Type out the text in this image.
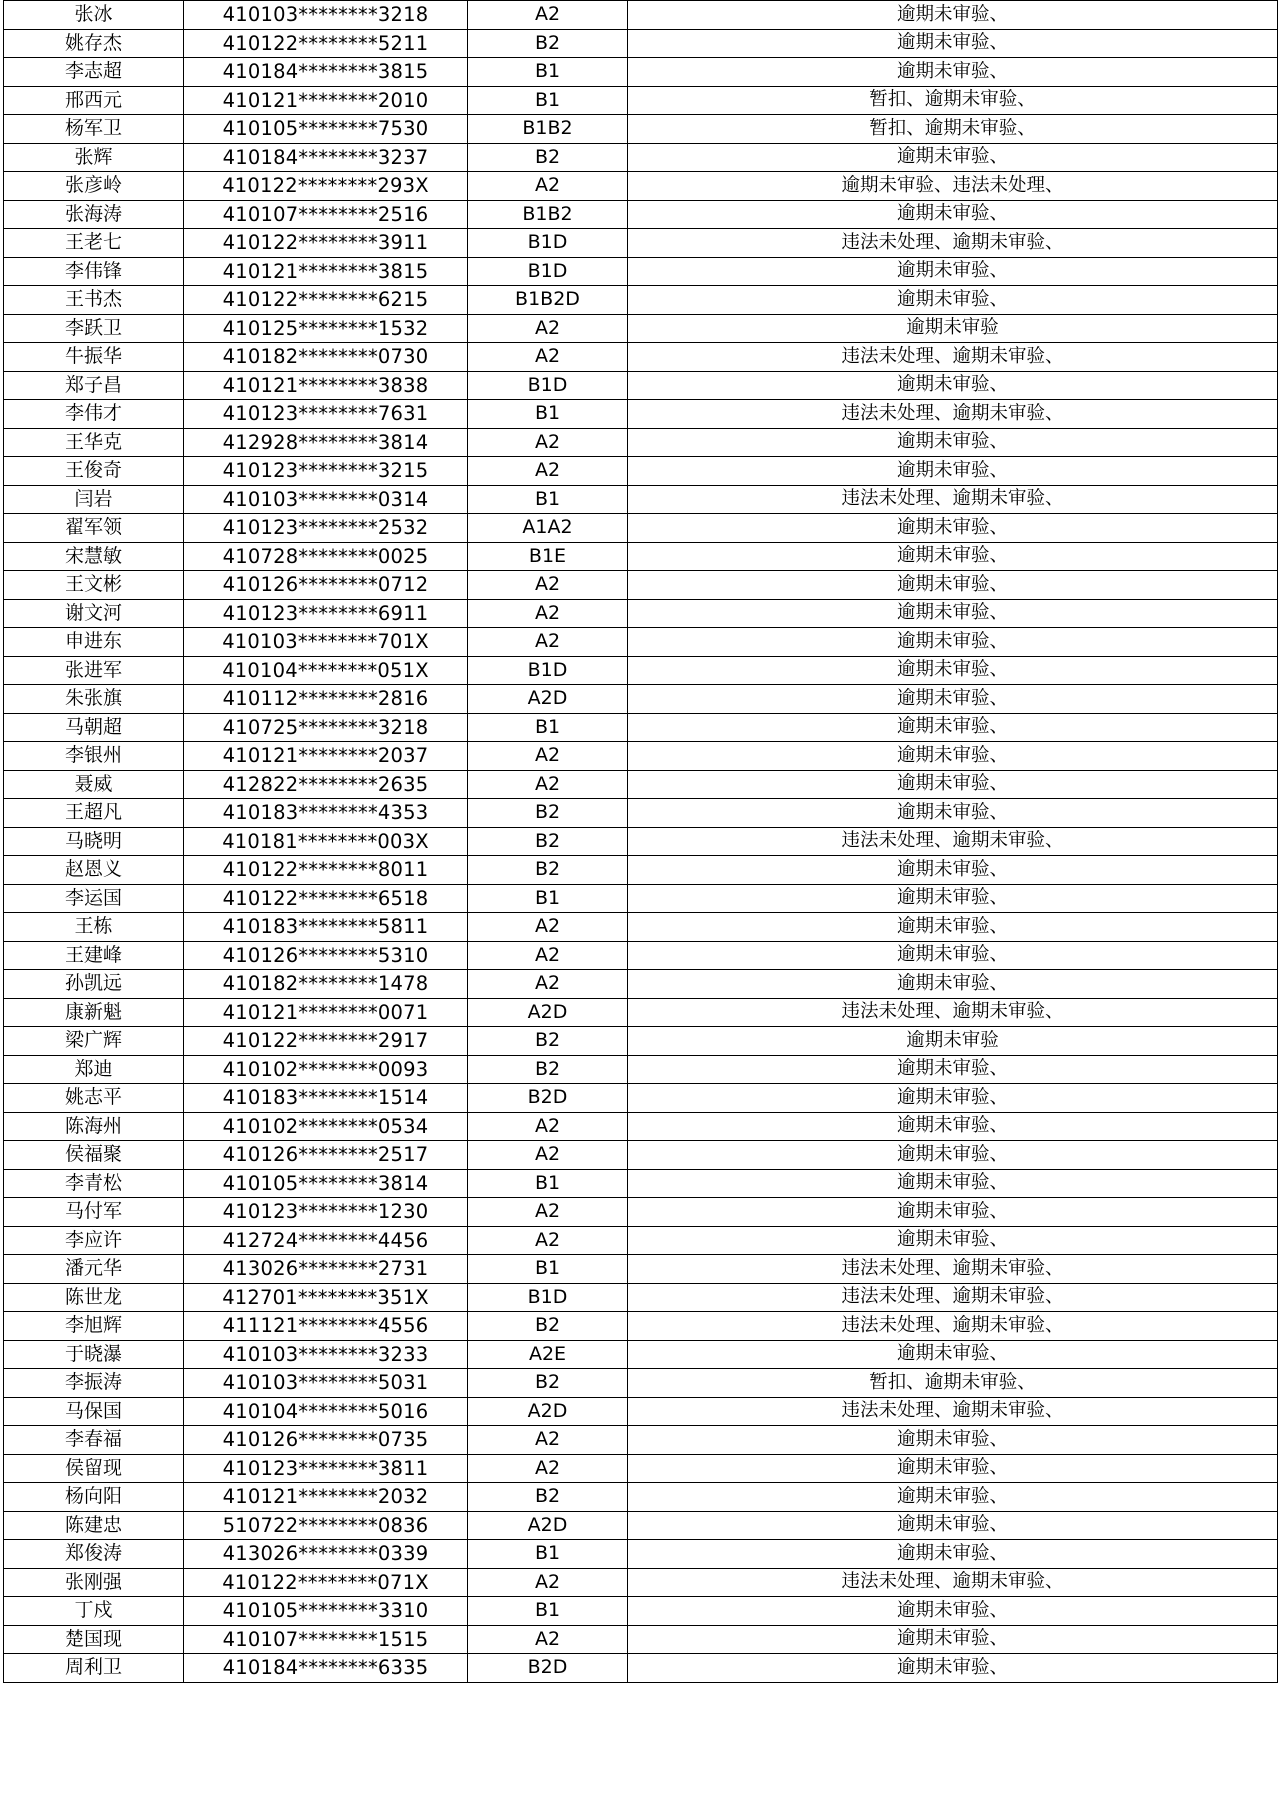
张冰	410103********3218	A2	逾期未审验、
姚存杰	410122********5211	B2	逾期未审验、
李志超	410184********3815	B1	逾期未审验、
邢西元	410121********2010	B1	暂扣、逾期未审验、
杨军卫	410105********7530	B1B2	暂扣、逾期未审验、
张辉	410184********3237	B2	逾期未审验、
张彦岭	410122********293X	A2	逾期未审验、违法未处理、
张海涛	410107********2516	B1B2	逾期未审验、
王老七	410122********3911	B1D	违法未处理、逾期未审验、
李伟锋	410121********3815	B1D	逾期未审验、
王书杰	410122********6215	B1B2D	逾期未审验、
李跃卫	410125********1532	A2	逾期未审验
牛振华	410182********0730	A2	违法未处理、逾期未审验、
郑子昌	410121********3838	B1D	逾期未审验、
李伟才	410123********7631	B1	违法未处理、逾期未审验、
王华克	412928********3814	A2	逾期未审验、
王俊奇	410123********3215	A2	逾期未审验、
闫岩	410103********0314	B1	违法未处理、逾期未审验、
翟军领	410123********2532	A1A2	逾期未审验、
宋慧敏	410728********0025	B1E	逾期未审验、
王文彬	410126********0712	A2	逾期未审验、
谢文河	410123********6911	A2	逾期未审验、
申进东	410103********701X	A2	逾期未审验、
张进军	410104********051X	B1D	逾期未审验、
朱张旗	410112********2816	A2D	逾期未审验、
马朝超	410725********3218	B1	逾期未审验、
李银州	410121********2037	A2	逾期未审验、
聂威	412822********2635	A2	逾期未审验、
王超凡	410183********4353	B2	逾期未审验、
马晓明	410181********003X	B2	违法未处理、逾期未审验、
赵恩义	410122********8011	B2	逾期未审验、
李运国	410122********6518	B1	逾期未审验、
王栋	410183********5811	A2	逾期未审验、
王建峰	410126********5310	A2	逾期未审验、
孙凯远	410182********1478	A2	逾期未审验、
康新魁	410121********0071	A2D	违法未处理、逾期未审验、
梁广辉	410122********2917	B2	逾期未审验
郑迪	410102********0093	B2	逾期未审验、
姚志平	410183********1514	B2D	逾期未审验、
陈海州	410102********0534	A2	逾期未审验、
侯福聚	410126********2517	A2	逾期未审验、
李青松	410105********3814	B1	逾期未审验、
马付军	410123********1230	A2	逾期未审验、
李应许	412724********4456	A2	逾期未审验、
潘元华	413026********2731	B1	违法未处理、逾期未审验、
陈世龙	412701********351X	B1D	违法未处理、逾期未审验、
李旭辉	411121********4556	B2	违法未处理、逾期未审验、
于晓瀑	410103********3233	A2E	逾期未审验、
李振涛	410103********5031	B2	暂扣、逾期未审验、
马保国	410104********5016	A2D	违法未处理、逾期未审验、
李春福	410126********0735	A2	逾期未审验、
侯留现	410123********3811	A2	逾期未审验、
杨向阳	410121********2032	B2	逾期未审验、
陈建忠	510722********0836	A2D	逾期未审验、
郑俊涛	413026********0339	B1	逾期未审验、
张刚强	410122********071X	A2	违法未处理、逾期未审验、
丁戍	410105********3310	B1	逾期未审验、
楚国现	410107********1515	A2	逾期未审验、
周利卫	410184********6335	B2D	逾期未审验、
